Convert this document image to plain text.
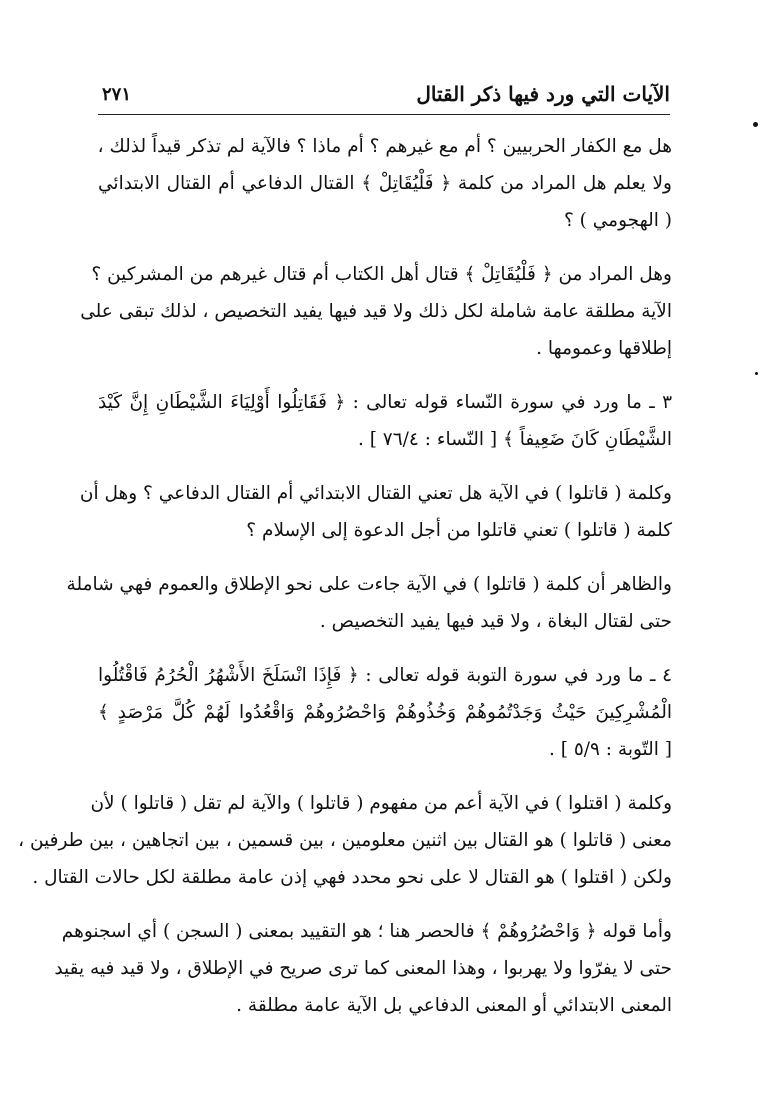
الآيات التي ورد فيها ذكر القتال
٢٧١

هل مع الكفار الحربيين ؟ أم مع غيرهم ؟ أم ماذا ؟ فالآية لم تذكر قيداً لذلك ،
ولا يعلم هل المراد من كلمة ﴿ فَلْيُقَاتِلْ ﴾ القتال الدفاعي أم القتال الابتدائي
( الهجومي ) ؟

وهل المراد من ﴿ فَلْيُقَاتِلْ ﴾ قتال أهل الكتاب أم قتال غيرهم من المشركين ؟
الآية مطلقة عامة شاملة لكل ذلك ولا قيد فيها يفيد التخصيص ، لذلك تبقى على
إطلاقها وعمومها .

٣ ـ ما ورد في سورة النّساء قوله تعالى : ﴿ فَقَاتِلُوا أَوْلِيَاءَ الشَّيْطَانِ إِنَّ كَيْدَ
الشَّيْطَانِ كَانَ ضَعِيفاً ﴾ [ النّساء : ٧٦/٤ ] .

وكلمة ( قاتلوا ) في الآية هل تعني القتال الابتدائي أم القتال الدفاعي ؟ وهل أن
كلمة ( قاتلوا ) تعني قاتلوا من أجل الدعوة إلى الإسلام ؟

والظاهر أن كلمة ( قاتلوا ) في الآية جاءت على نحو الإطلاق والعموم فهي شاملة
حتى لقتال البغاة ، ولا قيد فيها يفيد التخصيص .

٤ ـ ما ورد في سورة التوبة قوله تعالى : ﴿ فَإِذَا انْسَلَخَ الأَشْهُرُ الْحُرُمُ فَاقْتُلُوا
الْمُشْرِكِينَ حَيْثُ وَجَدْتُمُوهُمْ وَخُذُوهُمْ وَاحْصُرُوهُمْ وَاقْعُدُوا لَهُمْ كُلَّ مَرْصَدٍ ﴾
[ التّوبة : ٥/٩ ] .

وكلمة ( اقتلوا ) في الآية أعم من مفهوم ( قاتلوا ) والآية لم تقل ( قاتلوا ) لأن
معنى ( قاتلوا ) هو القتال بين اثنين معلومين ، بين قسمين ، بين اتجاهين ، بين طرفين ،
ولكن ( اقتلوا ) هو القتال لا على نحو محدد فهي إذن عامة مطلقة لكل حالات القتال .

وأما قوله ﴿ وَاحْصُرُوهُمْ ﴾ فالحصر هنا ؛ هو التقييد بمعنى ( السجن ) أي اسجنوهم
حتى لا يفرّوا ولا يهربوا ، وهذا المعنى كما ترى صريح في الإطلاق ، ولا قيد فيه يقيد
المعنى الابتدائي أو المعنى الدفاعي بل الآية عامة مطلقة .
